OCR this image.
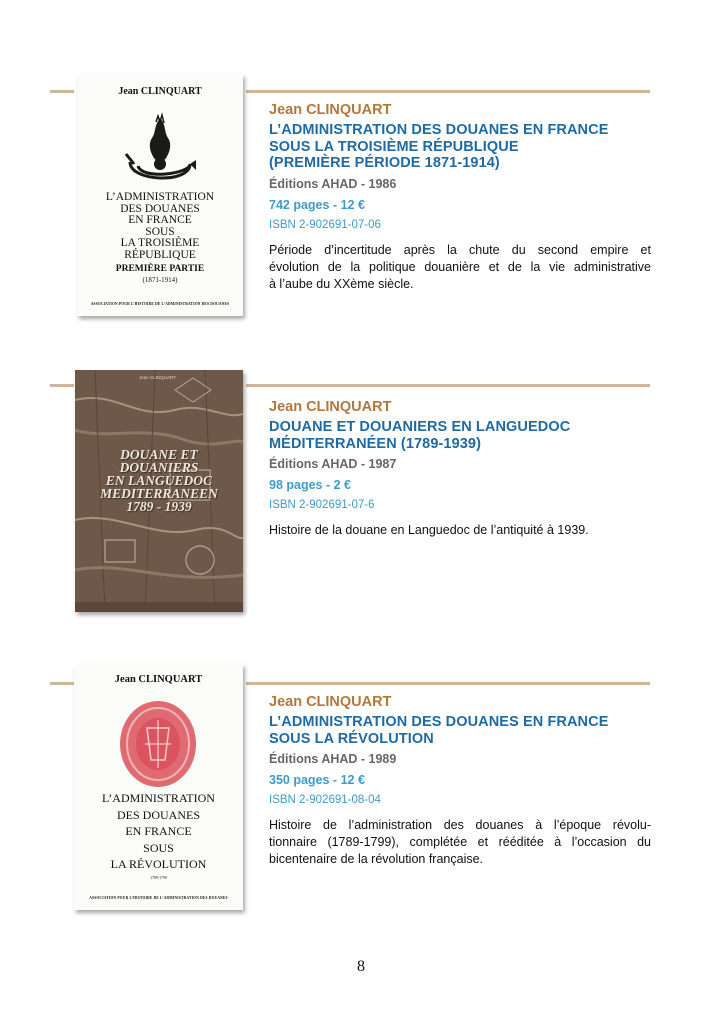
Jean CLINQUART
L’ADMINISTRATION
DES DOUANES
EN FRANCE
SOUS
LA TROISIÈME
RÉPUBLIQUE
PREMIÈRE PARTIE
(1871-1914)
ASSOCIATION POUR L’HISTOIRE DE L’ADMINISTRATION DES DOUANES
Jean CLINQUART
L’ADMINISTRATION DES DOUANES EN FRANCE
SOUS LA TROISIÈME RÉPUBLIQUE
(PREMIÈRE PÉRIODE 1871-1914)
Éditions AHAD - 1986
742 pages - 12 €
ISBN 2-902691-07-06
Période d’incertitude après la chute du second empire et
évolution de la politique douanière et de la vie administrative
à l’aube du XXème siècle.
Jean CLINQUART
DOUANE ET
DOUANIERS
EN LANGUEDOC
MEDITERRANEEN
1789 - 1939
Jean CLINQUART
DOUANE ET DOUANIERS EN LANGUEDOC
MÉDITERRANÉEN (1789-1939)
Éditions AHAD - 1987
98 pages - 2 €
ISBN 2-902691-07-6
Histoire de la douane en Languedoc de l’antiquité à 1939.
Jean CLINQUART
L’ADMINISTRATION
DES DOUANES
EN FRANCE
SOUS
LA RÉVOLUTION
1789-1799
ASSOCIATION POUR L’HISTOIRE DE L’ADMINISTRATION DES DOUANES
Jean CLINQUART
L’ADMINISTRATION DES DOUANES EN FRANCE
SOUS LA RÉVOLUTION
Éditions AHAD - 1989
350 pages - 12 €
ISBN 2-902691-08-04
Histoire de l’administration des douanes à l’époque révolu-
tionnaire (1789-1799), complétée et rééditée à l’occasion du
bicentenaire de la révolution française.
8
